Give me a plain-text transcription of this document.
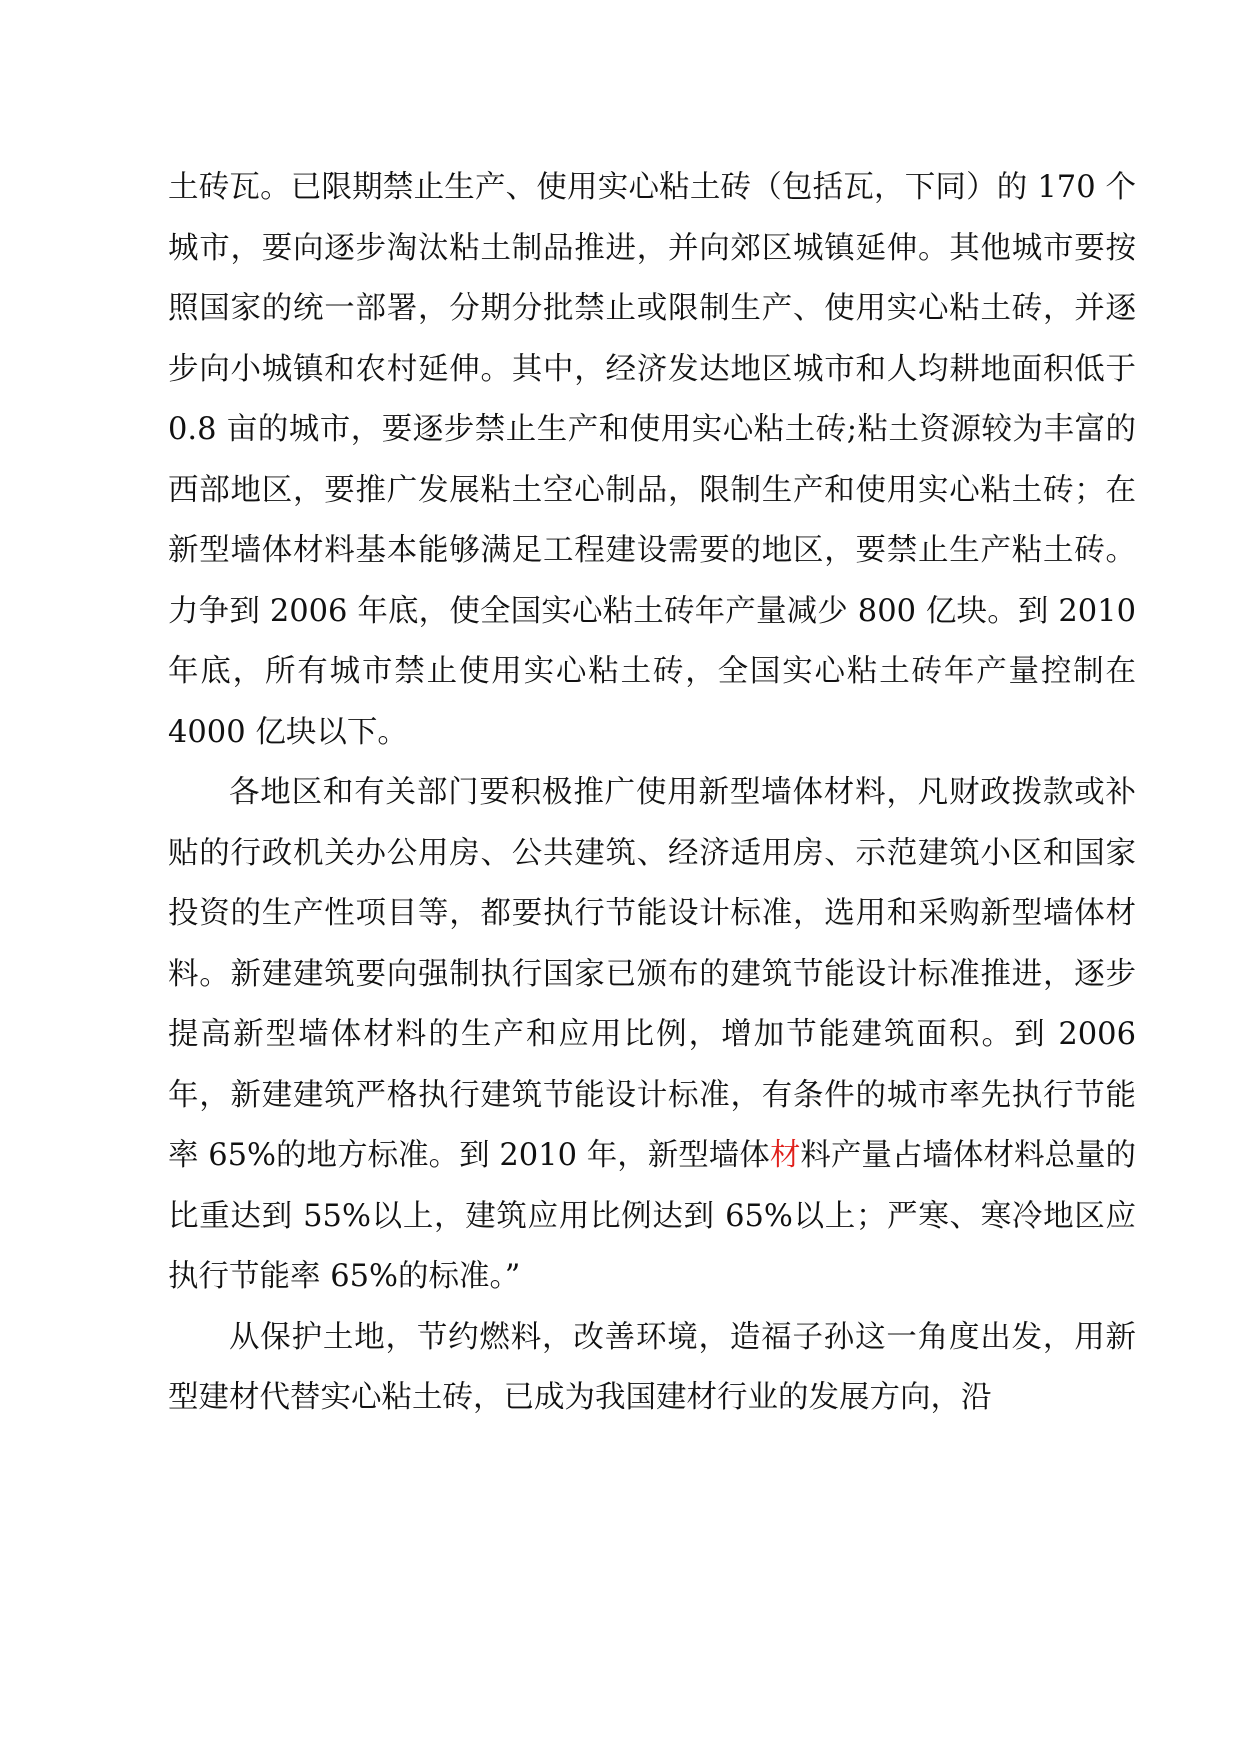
土砖瓦。已限期禁止生产、使用实心粘土砖（包括瓦，下同）的 170 个城市，要向逐步淘汰粘土制品推进，并向郊区城镇延伸。其他城市要按照国家的统一部署，分期分批禁止或限制生产、使用实心粘土砖，并逐步向小城镇和农村延伸。其中，经济发达地区城市和人均耕地面积低于 0.8 亩的城市，要逐步禁止生产和使用实心粘土砖;粘土资源较为丰富的西部地区，要推广发展粘土空心制品，限制生产和使用实心粘土砖；在新型墙体材料基本能够满足工程建设需要的地区，要禁止生产粘土砖。力争到 2006 年底，使全国实心粘土砖年产量减少 800 亿块。到 2010 年底，所有城市禁止使用实心粘土砖，全国实心粘土砖年产量控制在 4000 亿块以下。

各地区和有关部门要积极推广使用新型墙体材料，凡财政拨款或补贴的行政机关办公用房、公共建筑、经济适用房、示范建筑小区和国家投资的生产性项目等，都要执行节能设计标准，选用和采购新型墙体材料。新建建筑要向强制执行国家已颁布的建筑节能设计标准推进，逐步提高新型墙体材料的生产和应用比例，增加节能建筑面积。到 2006 年，新建建筑严格执行建筑节能设计标准，有条件的城市率先执行节能率 65%的地方标准。到 2010 年，新型墙体材料产量占墙体材料总量的比重达到 55%以上，建筑应用比例达到 65%以上；严寒、寒冷地区应执行节能率 65%的标准。”

从保护土地，节约燃料，改善环境，造福子孙这一角度出发，用新型建材代替实心粘土砖，已成为我国建材行业的发展方向，沿
